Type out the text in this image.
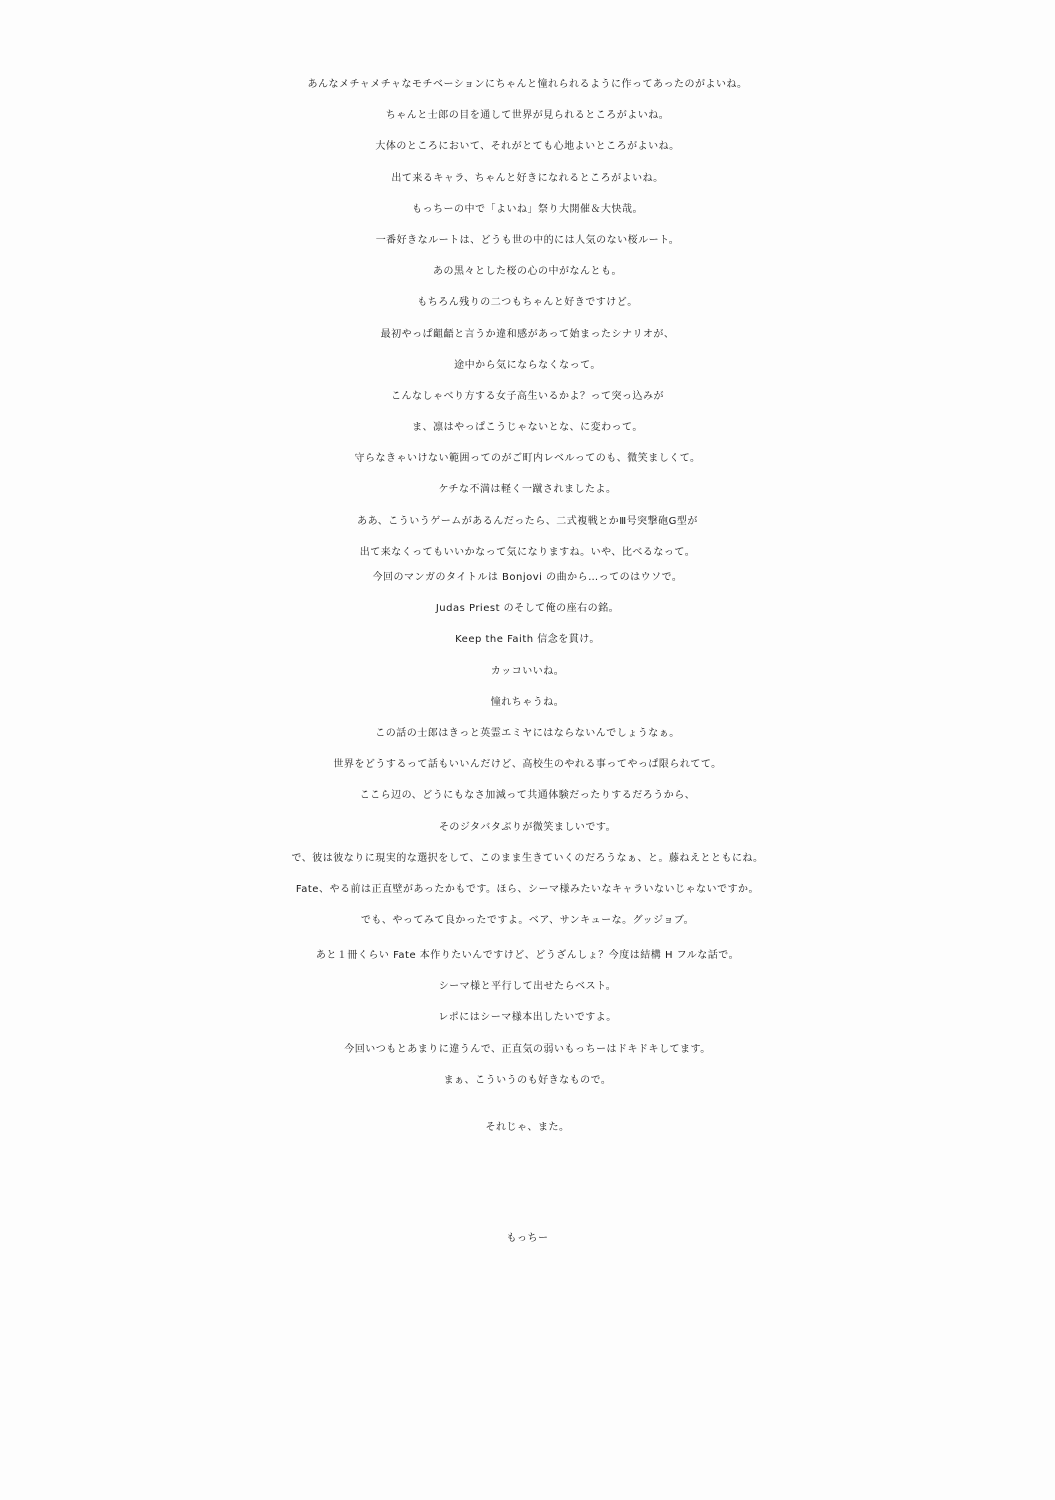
あんなメチャメチャなモチベーションにちゃんと憧れられるように作ってあったのがよいね。
ちゃんと士郎の目を通して世界が見られるところがよいね。
大体のところにおいて、それがとても心地よいところがよいね。
出て来るキャラ、ちゃんと好きになれるところがよいね。
もっちーの中で「よいね」祭り大開催＆大快哉。
一番好きなルートは、どうも世の中的には人気のない桜ルート。
あの黒々とした桜の心の中がなんとも。
もちろん残りの二つもちゃんと好きですけど。
最初やっぱ齟齬と言うか違和感があって始まったシナリオが、
途中から気にならなくなって。
こんなしゃべり方する女子高生いるかよ？って突っ込みが
ま、凛はやっぱこうじゃないとな、に変わって。
守らなきゃいけない範囲ってのがご町内レベルってのも、微笑ましくて。
ケチな不満は軽く一蹴されましたよ。
ああ、こういうゲームがあるんだったら、二式複戦とかⅢ号突撃砲G型が
出て来なくってもいいかなって気になりますね。いや、比べるなって。
今回のマンガのタイトルは Bonjovi の曲から…ってのはウソで。
Judas Priest のそして俺の座右の銘。
Keep the Faith 信念を貫け。
カッコいいね。
憧れちゃうね。
この話の士郎はきっと英霊エミヤにはならないんでしょうなぁ。
世界をどうするって話もいいんだけど、高校生のやれる事ってやっぱ限られてて。
ここら辺の、どうにもなさ加減って共通体験だったりするだろうから、
そのジタバタぶりが微笑ましいです。
で、彼は彼なりに現実的な選択をして、このまま生きていくのだろうなぁ、と。藤ねえとともにね。
Fate、やる前は正直壁があったかもです。ほら、シーマ様みたいなキャラいないじゃないですか。
でも、やってみて良かったですよ。ベア、サンキューな。グッジョブ。
あと１冊くらい Fate 本作りたいんですけど、どうざんしょ？今度は結構 H フルな話で。
シーマ様と平行して出せたらベスト。
レポにはシーマ様本出したいですよ。
今回いつもとあまりに違うんで、正直気の弱いもっちーはドキドキしてます。
まぁ、こういうのも好きなもので。
それじゃ、また。
もっちー
